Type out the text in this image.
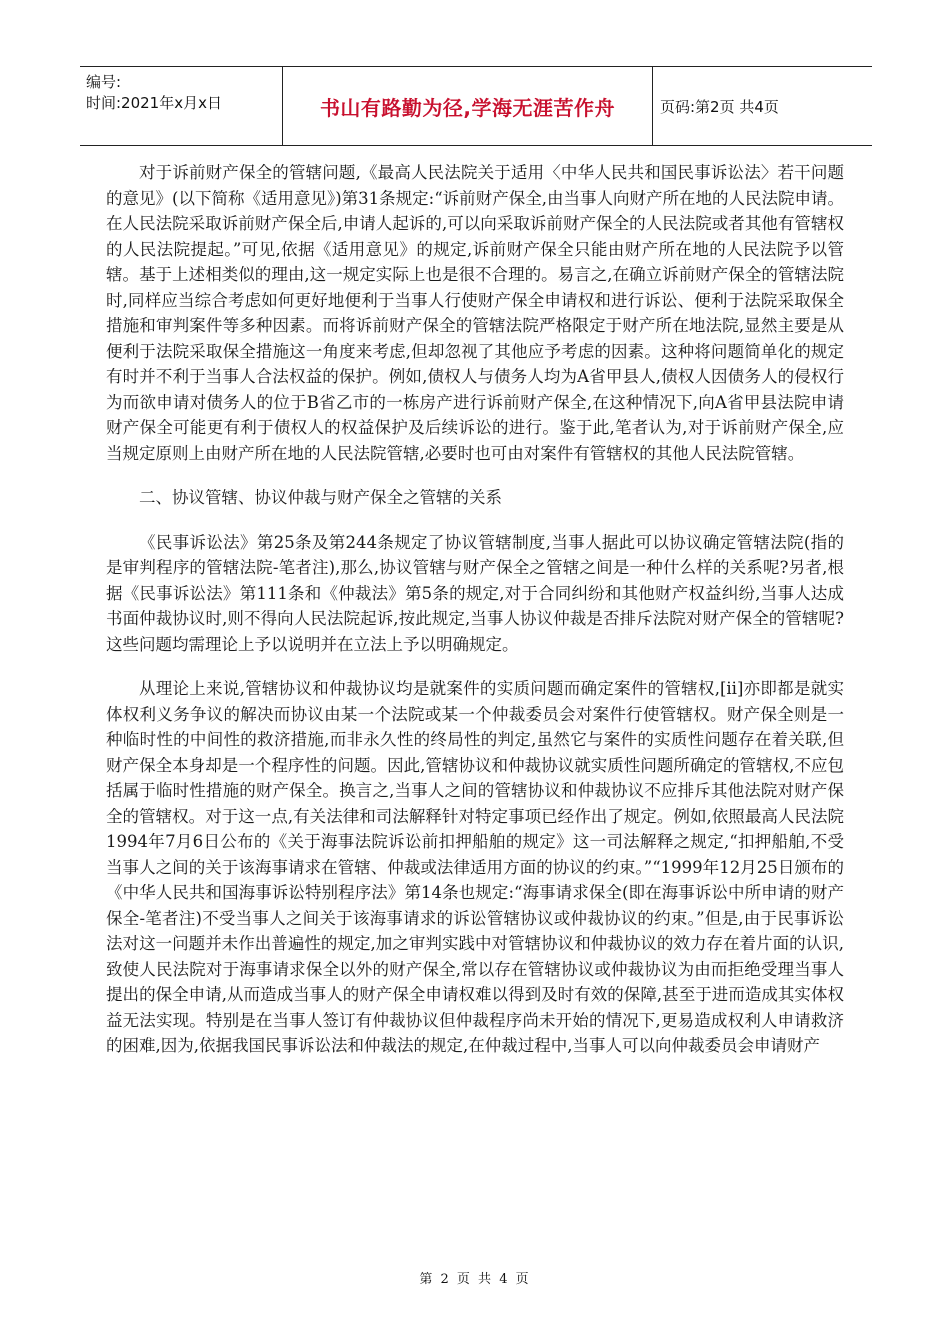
编号:
时间:2021年x月x日	书山有路勤为径,学海无涯苦作舟	页码:第2页 共4页

对于诉前财产保全的管辖问题,《最高人民法院关于适用〈中华人民共和国民事诉讼法〉若干问题的意见》(以下简称《适用意见》)第31条规定:“诉前财产保全,由当事人向财产所在地的人民法院申请。在人民法院采取诉前财产保全后,申请人起诉的,可以向采取诉前财产保全的人民法院或者其他有管辖权的人民法院提起。”可见,依据《适用意见》的规定,诉前财产保全只能由财产所在地的人民法院予以管辖。基于上述相类似的理由,这一规定实际上也是很不合理的。易言之,在确立诉前财产保全的管辖法院时,同样应当综合考虑如何更好地便利于当事人行使财产保全申请权和进行诉讼、便利于法院采取保全措施和审判案件等多种因素。而将诉前财产保全的管辖法院严格限定于财产所在地法院,显然主要是从便利于法院采取保全措施这一角度来考虑,但却忽视了其他应予考虑的因素。这种将问题简单化的规定有时并不利于当事人合法权益的保护。例如,债权人与债务人均为A省甲县人,债权人因债务人的侵权行为而欲申请对债务人的位于B省乙市的一栋房产进行诉前财产保全,在这种情况下,向A省甲县法院申请财产保全可能更有利于债权人的权益保护及后续诉讼的进行。鉴于此,笔者认为,对于诉前财产保全,应当规定原则上由财产所在地的人民法院管辖,必要时也可由对案件有管辖权的其他人民法院管辖。

二、协议管辖、协议仲裁与财产保全之管辖的关系

《民事诉讼法》第25条及第244条规定了协议管辖制度,当事人据此可以协议确定管辖法院(指的是审判程序的管辖法院-笔者注),那么,协议管辖与财产保全之管辖之间是一种什么样的关系呢?另者,根据《民事诉讼法》第111条和《仲裁法》第5条的规定,对于合同纠纷和其他财产权益纠纷,当事人达成书面仲裁协议时,则不得向人民法院起诉,按此规定,当事人协议仲裁是否排斥法院对财产保全的管辖呢?这些问题均需理论上予以说明并在立法上予以明确规定。

从理论上来说,管辖协议和仲裁协议均是就案件的实质问题而确定案件的管辖权,[ii]亦即都是就实体权利义务争议的解决而协议由某一个法院或某一个仲裁委员会对案件行使管辖权。财产保全则是一种临时性的中间性的救济措施,而非永久性的终局性的判定,虽然它与案件的实质性问题存在着关联,但财产保全本身却是一个程序性的问题。因此,管辖协议和仲裁协议就实质性问题所确定的管辖权,不应包括属于临时性措施的财产保全。换言之,当事人之间的管辖协议和仲裁协议不应排斥其他法院对财产保全的管辖权。对于这一点,有关法律和司法解释针对特定事项已经作出了规定。例如,依照最高人民法院1994年7月6日公布的《关于海事法院诉讼前扣押船舶的规定》这一司法解释之规定,“扣押船舶,不受当事人之间的关于该海事请求在管辖、仲裁或法律适用方面的协议的约束。”“1999年12月25日颁布的《中华人民共和国海事诉讼特别程序法》第14条也规定:“海事请求保全(即在海事诉讼中所申请的财产保全-笔者注)不受当事人之间关于该海事请求的诉讼管辖协议或仲裁协议的约束。”但是,由于民事诉讼法对这一问题并未作出普遍性的规定,加之审判实践中对管辖协议和仲裁协议的效力存在着片面的认识,致使人民法院对于海事请求保全以外的财产保全,常以存在管辖协议或仲裁协议为由而拒绝受理当事人提出的保全申请,从而造成当事人的财产保全申请权难以得到及时有效的保障,甚至于进而造成其实体权益无法实现。特别是在当事人签订有仲裁协议但仲裁程序尚未开始的情况下,更易造成权利人申请救济的困难,因为,依据我国民事诉讼法和仲裁法的规定,在仲裁过程中,当事人可以向仲裁委员会申请财产

第 2 页 共 4 页
